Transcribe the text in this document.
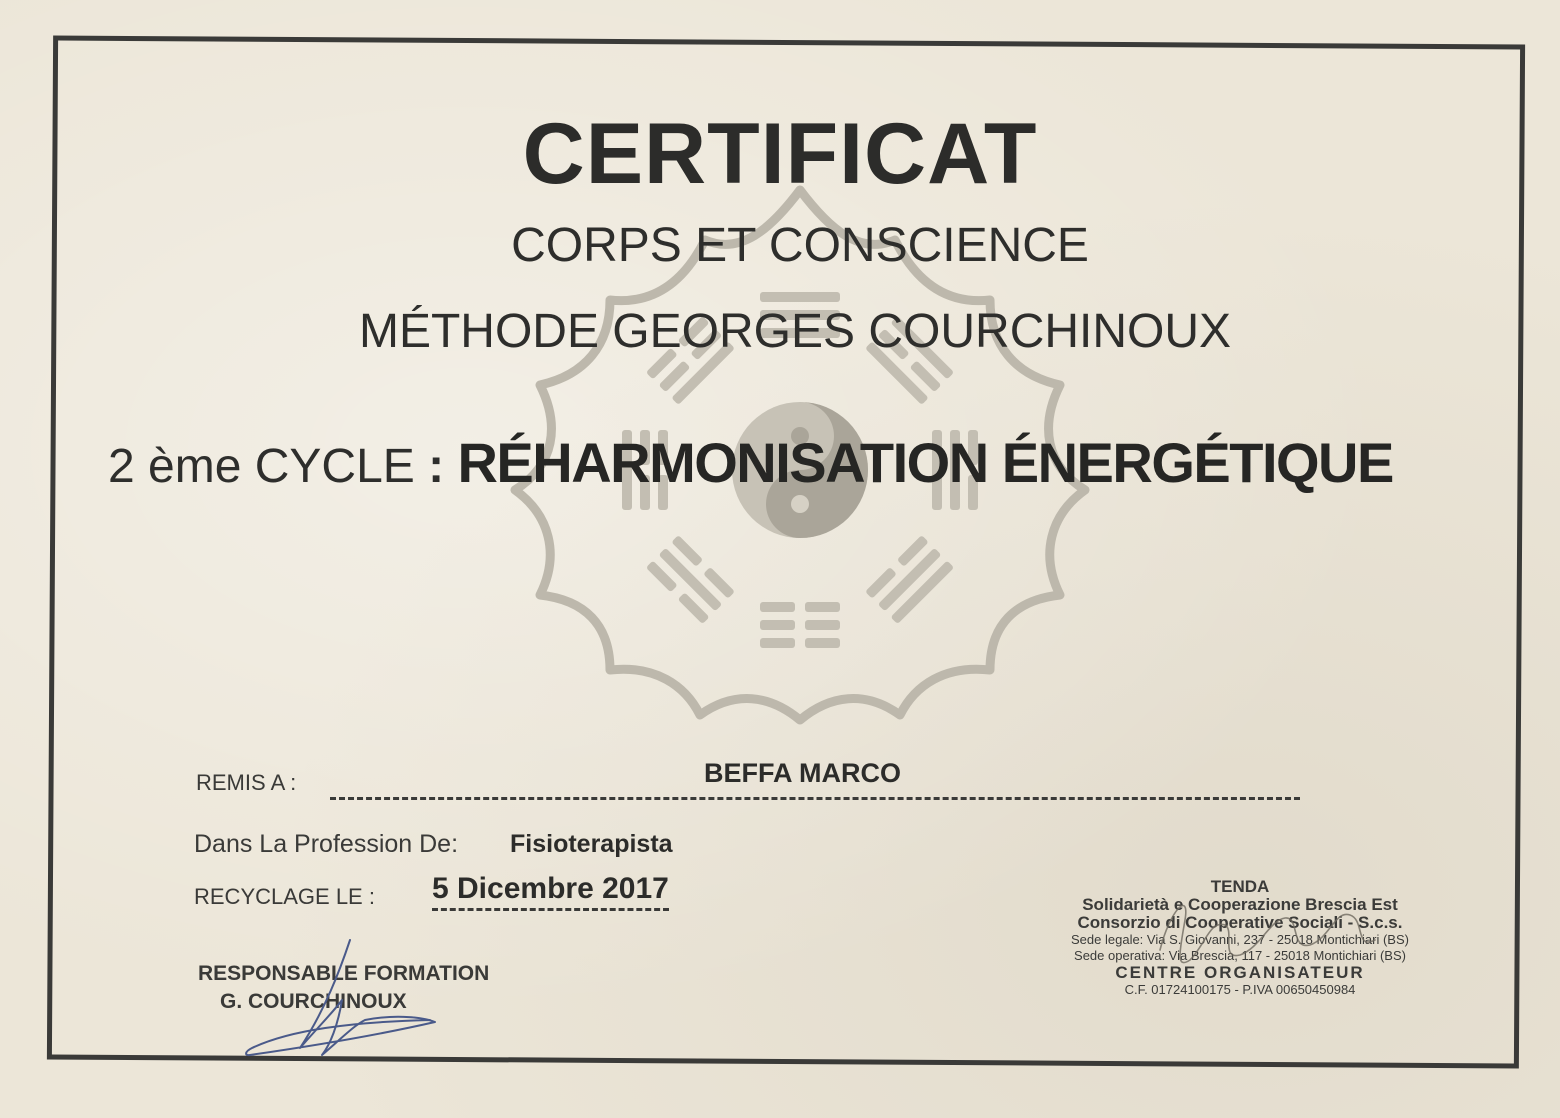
CERTIFICAT
CORPS ET CONSCIENCE
MÉTHODE GEORGES COURCHINOUX
2 ème CYCLE : RÉHARMONISATION ÉNERGÉTIQUE
REMIS A :	BEFFA MARCO
Dans La Profession De: Fisioterapista
RECYCLAGE LE : 5 Dicembre 2017
RESPONSABLE FORMATION
G. COURCHINOUX
TENDA
Solidarietà e Cooperazione Brescia Est
Consorzio di Cooperative Sociali - S.c.s.
Sede legale: Via S. Giovanni, 237 - 25018 Montichiari (BS)
Sede operativa: Via Brescia, 117 - 25018 Montichiari (BS)
CENTRE ORGANISATEUR
C.F. 01724100175 - P.IVA 00650450984
